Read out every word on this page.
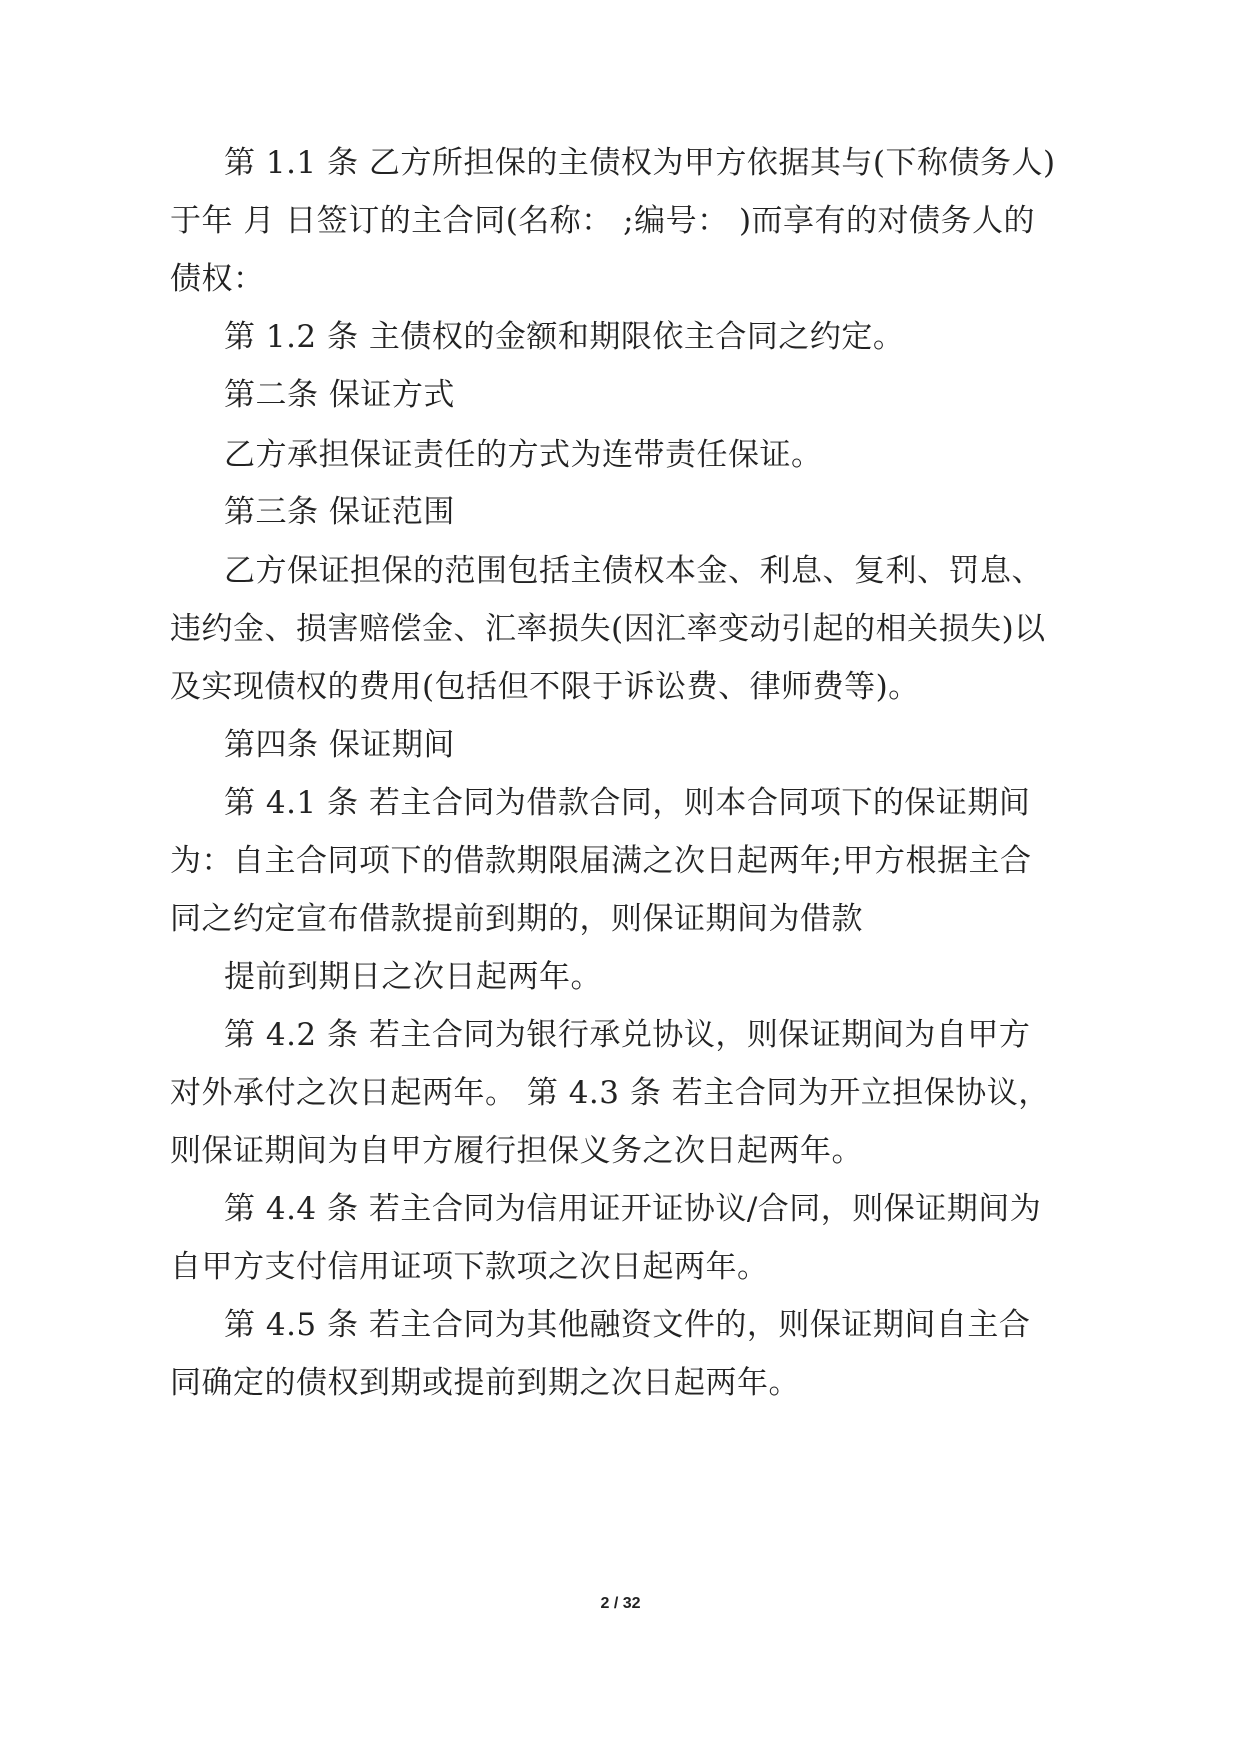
第 1.1 条 乙方所担保的主债权为甲方依据其与(下称债务人)
于年 月 日签订的主合同(名称： ;编号： )而享有的对债务人的
债权：
第 1.2 条 主债权的金额和期限依主合同之约定。
第二条 保证方式
乙方承担保证责任的方式为连带责任保证。
第三条 保证范围
乙方保证担保的范围包括主债权本金、利息、复利、罚息、
违约金、损害赔偿金、汇率损失(因汇率变动引起的相关损失)以
及实现债权的费用(包括但不限于诉讼费、律师费等)。
第四条 保证期间
第 4.1 条 若主合同为借款合同，则本合同项下的保证期间
为：自主合同项下的借款期限届满之次日起两年;甲方根据主合
同之约定宣布借款提前到期的，则保证期间为借款
提前到期日之次日起两年。
第 4.2 条 若主合同为银行承兑协议，则保证期间为自甲方
对外承付之次日起两年。 第 4.3 条 若主合同为开立担保协议，
则保证期间为自甲方履行担保义务之次日起两年。
第 4.4 条 若主合同为信用证开证协议/合同，则保证期间为
自甲方支付信用证项下款项之次日起两年。
第 4.5 条 若主合同为其他融资文件的，则保证期间自主合
同确定的债权到期或提前到期之次日起两年。
2 / 32
